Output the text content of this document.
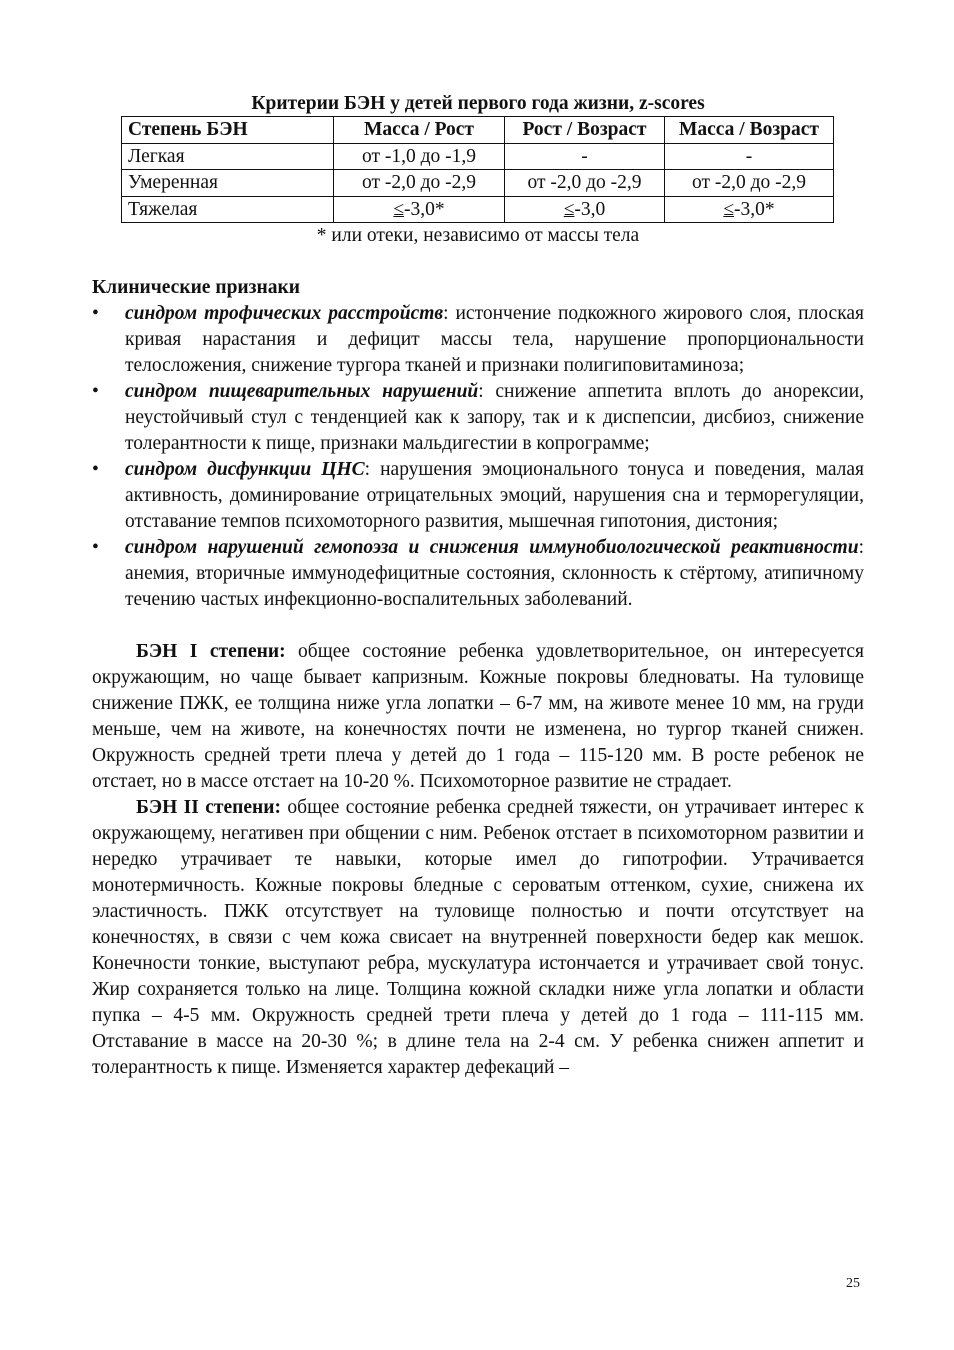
Критерии БЭН у детей первого года жизни, z-scores
Степень БЭН	Масса / Рост	Рост / Возраст	Масса / Возраст
Легкая	от -1,0 до -1,9	-	-
Умеренная	от -2,0 до -2,9	от -2,0 до -2,9	от -2,0 до -2,9
Тяжелая	≤-3,0*	≤-3,0	≤-3,0*

* или отеки, независимо от массы тела

Клинические признаки
•	синдром трофических расстройств: истончение подкожного жирового слоя, плоская кривая нарастания и дефицит массы тела, нарушение пропорциональности телосложения, снижение тургора тканей и признаки полигиповитаминоза;
•	синдром пищеварительных нарушений: снижение аппетита вплоть до анорексии, неустойчивый стул с тенденцией как к запору, так и к диспепсии, дисбиоз, снижение толерантности к пище, признаки мальдигестии в копрограмме;
•	синдром дисфункции ЦНС: нарушения эмоционального тонуса и поведения, малая активность, доминирование отрицательных эмоций, нарушения сна и терморегуляции, отставание темпов психомоторного развития, мышечная гипотония, дистония;
•	синдром нарушений гемопоэза и снижения иммунобиологической реактивности: анемия, вторичные иммунодефицитные состояния, склонность к стёртому, атипичному течению частых инфекционно-воспалительных заболеваний.

БЭН I степени: общее состояние ребенка удовлетворительное, он интересуется окружающим, но чаще бывает капризным. Кожные покровы бледноваты. На туловище снижение ПЖК, ее толщина ниже угла лопатки – 6-7 мм, на животе менее 10 мм, на груди меньше, чем на животе, на конечностях почти не изменена, но тургор тканей снижен. Окружность средней трети плеча у детей до 1 года – 115-120 мм. В росте ребенок не отстает, но в массе отстает на 10-20 %. Психомоторное развитие не страдает.

БЭН II степени: общее состояние ребенка средней тяжести, он утрачивает интерес к окружающему, негативен при общении с ним. Ребенок отстает в психомоторном развитии и нередко утрачивает те навыки, которые имел до гипотрофии. Утрачивается монотермичность. Кожные покровы бледные с сероватым оттенком, сухие, снижена их эластичность. ПЖК отсутствует на туловище полностью и почти отсутствует на конечностях, в связи с чем кожа свисает на внутренней поверхности бедер как мешок. Конечности тонкие, выступают ребра, мускулатура истончается и утрачивает свой тонус. Жир сохраняется только на лице. Толщина кожной складки ниже угла лопатки и области пупка – 4-5 мм. Окружность средней трети плеча у детей до 1 года – 111-115 мм. Отставание в массе на 20-30 %; в длине тела на 2-4 см. У ребенка снижен аппетит и толерантность к пище. Изменяется характер дефекаций –

25
